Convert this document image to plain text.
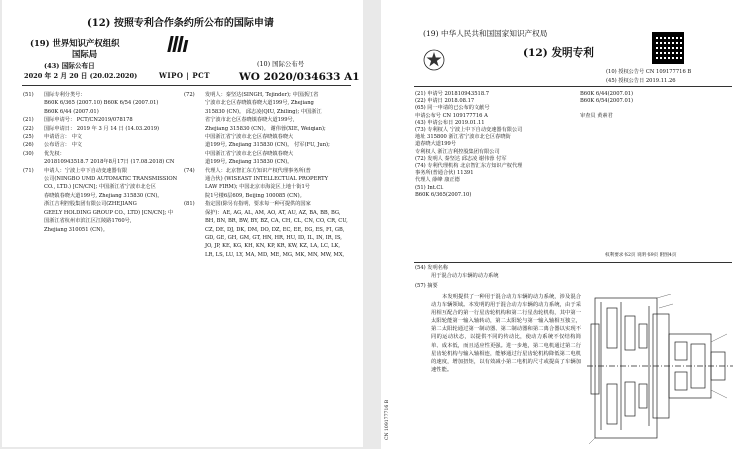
(12) 按照专利合作条约所公布的国际申请
(19) 世界知识产权组织
国际局
(43) 国际公布日
2020 年 2 月 20 日 (20.02.2020)	WIPO | PCT
(10) 国际公布号
WO 2020/034633 A1

(51) 国际专利分类号：

B60K 6/365 (2007.10) B60K 6/54 (2007.01)

B60K 6/44 (2007.01)

(21) 国际申请号： PCT/CN2019/078178

(22) 国际申请日： 2019 年 3 月 14 日 (14.03.2019)

(25) 申请语言： 中文

(26) 公布语言： 中文

(30) 优先权：

201810943518.7 2018年8月17日 (17.08.2018) CN

(71) 申请人：宁波上中下自动变速器有限

公司(NINGBO UMD AUTOMATIC TRANSMISSION

CO., LTD.) [CN/CN]; 中国浙江省宁波市北仑区

春晓镇春晓大道199号, Zhejiang 315830 (CN)。

浙江吉利控股集团有限公司(ZHEJIANG

GEELY HOLDING GROUP CO., LTD) [CN/CN]; 中

国浙江省杭州市滨江区江陵路1760号,

Zhejiang 310051 (CN)。

(72) 发明人：秦坚达(SINGH, Tejinder); 中国浙江省

宁波市北仑区春晓镇春晓大道199号, Zhejiang

315830 (CN)。 邱志凌(QIU, Zhiling); 中国浙江

省宁波市北仑区春晓镇春晓大道199号,

Zhejiang 315830 (CN)。 谢伟蓉(XIE, Weiqian);

中国浙江省宁波市北仑区春晓镇春晓大

道199号, Zhejiang 315830 (CN)。 付军(FU, Jun);

中国浙江省宁波市北仑区春晓镇春晓大

道199号, Zhejiang 315830 (CN)。

(74) 代理人：北京智汇东方知识产权代理事务所(普

通合伙) (WISEAST INTELLECTUAL PROPERTY

LAW FIRM); 中国北京市海淀区上地十街1号

院1号楼6层609, Beijing 100085 (CN)。

(81) 指定国(除另有指明，要求每一种可提供的国家

保护)：AE, AG, AL, AM, AO, AT, AU, AZ, BA, BB, BG,

BH, BN, BR, BW, BY, BZ, CA, CH, CL, CN, CO, CR, CU,

CZ, DE, DJ, DK, DM, DO, DZ, EC, EE, EG, ES, FI, GB,

GD, GE, GH, GM, GT, HN, HR, HU, ID, IL, IN, IR, IS,

JO, JP, KE, KG, KH, KN, KP, KR, KW, KZ, LA, LC, LK,

LR, LS, LU, LY, MA, MD, ME, MG, MK, MN, MW, MX,

(19) 中华人民共和国国家知识产权局
(12) 发明专利
(10) 授权公告号 CN 109177716 B
(45) 授权公告日 2019.11.26
(21) 申请号 201810943518.7
(22) 申请日 2018.08.17
(65) 同一申请的已公布的文献号
申请公布号 CN 109177716 A
(43) 申请公布日 2019.01.11
(73) 专利权人 宁波上中下自动变速器有限公司
地址 315800 浙江省宁波市北仑区春晓街
道春晓大道199号
专利权人 浙江吉利控股集团有限公司
(72) 发明人 秦坚达 邱志凌 谢伟蓉 付军
(74) 专利代理机构 北京智汇东方知识产权代理
事务所(普通合伙) 11391
代理人 薛峰 康正德
(51) Int.Cl.
B60K 6/365(2007.10)
B60K 6/44(2007.01)
B60K 6/54(2007.01)
审查员 黄素君
权利要求书2页 说明书9页 附图4页
(54) 发明名称
用于混合动力车辆的动力系统
(57) 摘要
本发明提供了一种用于混合动力车辆的动力系统，涉及混合动力车辆领域。本发明的用于混合动力车辆的动力系统，由于采用相互配合的第一行星齿轮机构和第二行星齿轮机构，其中第一太阳轮能第一输入轴转动，第二太阳轮与第一输入轴相互独立，第二太阳轮通过第一制动器、第二制动器和第二离合器以实现不同的运动状态，以提供不同的传动比，使动力系统不仅结构简单、成本低，而且适应性更强。进一步地，第二电机通过第二行星齿轮机构与输入轴相连，能够通过行星齿轮机构降低第二电机的速度，增加扭矩，以有效减小第二电机的尺寸或提高了车辆加速性能。
CN 109177716 B
